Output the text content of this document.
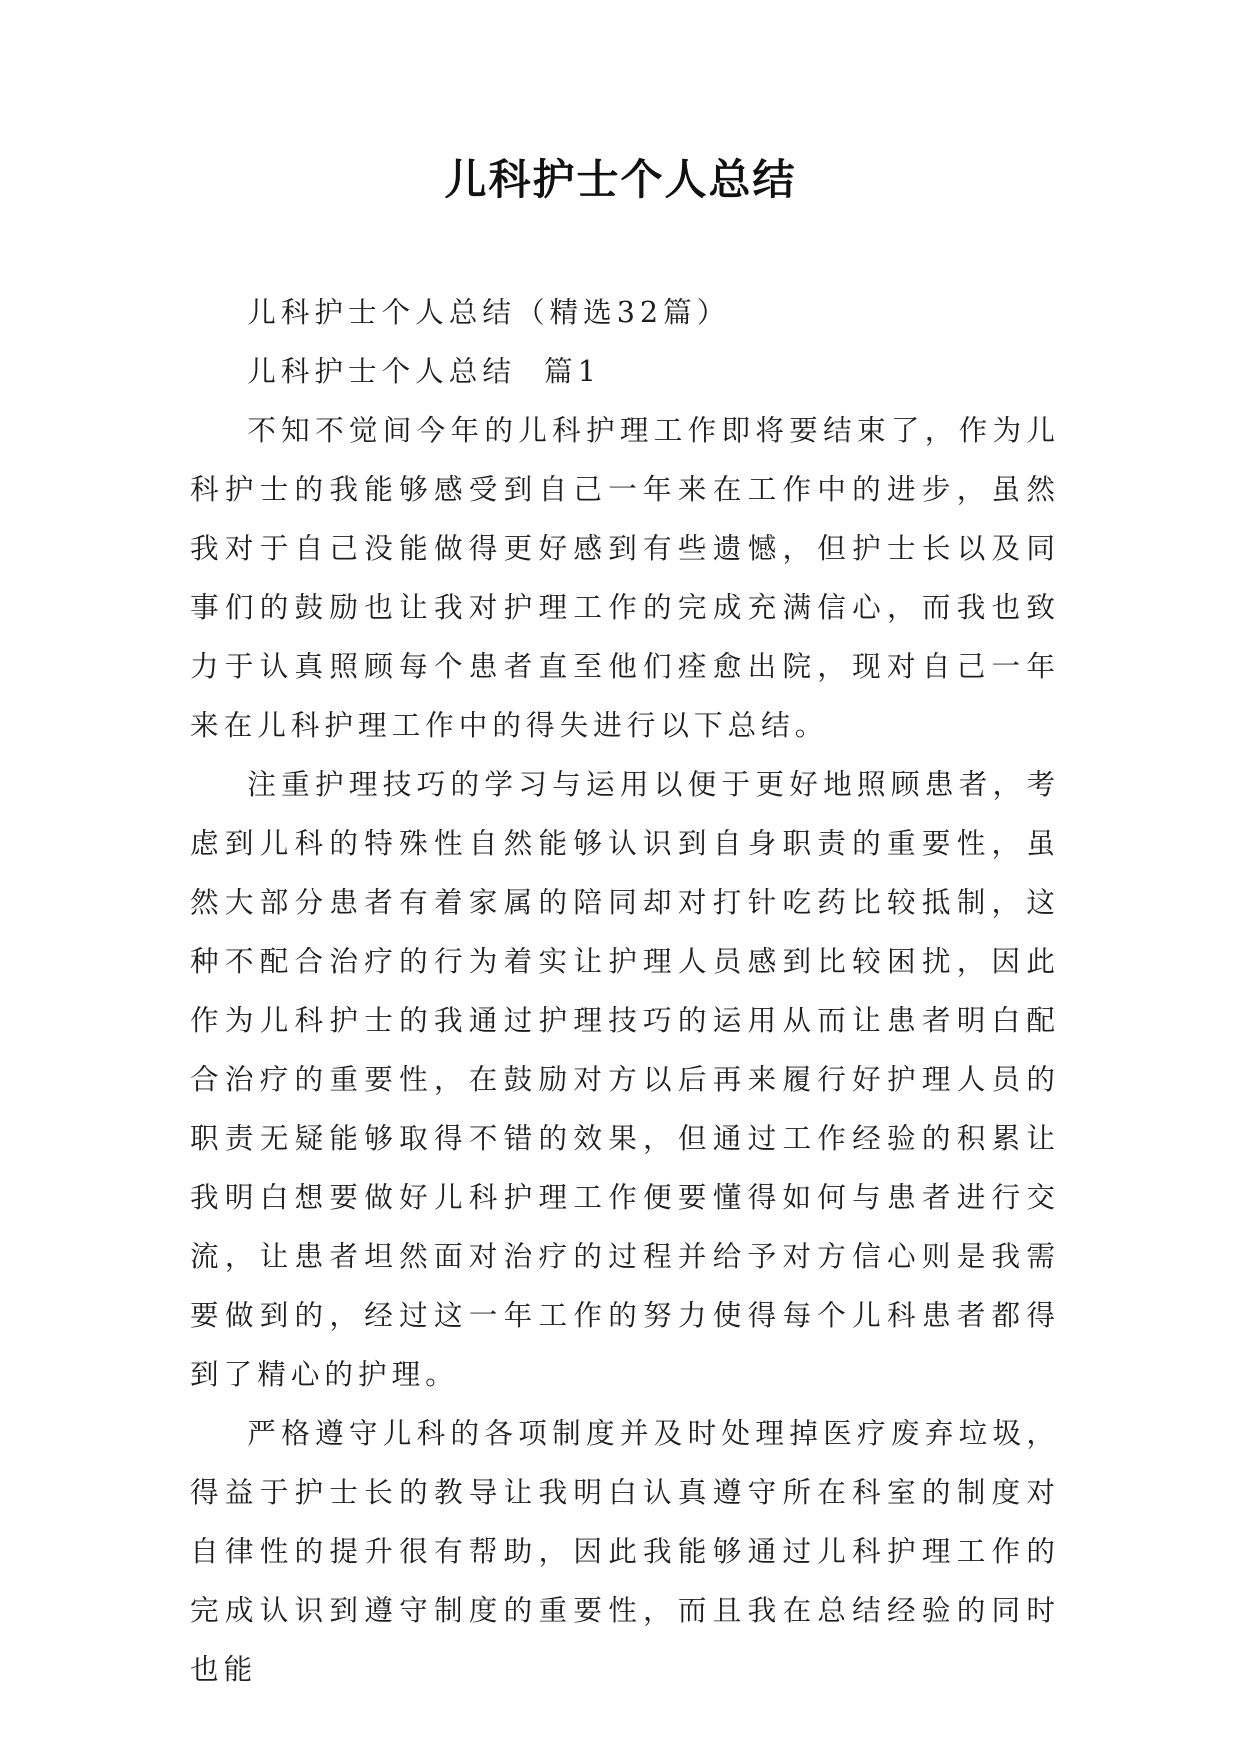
儿科护士个人总结

儿科护士个人总结（精选32篇）

儿科护士个人总结  篇1

不知不觉间今年的儿科护理工作即将要结束了，作为儿科护士的我能够感受到自己一年来在工作中的进步，虽然我对于自己没能做得更好感到有些遗憾，但护士长以及同事们的鼓励也让我对护理工作的完成充满信心，而我也致力于认真照顾每个患者直至他们痊愈出院，现对自己一年来在儿科护理工作中的得失进行以下总结。

注重护理技巧的学习与运用以便于更好地照顾患者，考虑到儿科的特殊性自然能够认识到自身职责的重要性，虽然大部分患者有着家属的陪同却对打针吃药比较抵制，这种不配合治疗的行为着实让护理人员感到比较困扰，因此作为儿科护士的我通过护理技巧的运用从而让患者明白配合治疗的重要性，在鼓励对方以后再来履行好护理人员的职责无疑能够取得不错的效果，但通过工作经验的积累让我明白想要做好儿科护理工作便要懂得如何与患者进行交流，让患者坦然面对治疗的过程并给予对方信心则是我需要做到的，经过这一年工作的努力使得每个儿科患者都得到了精心的护理。

严格遵守儿科的各项制度并及时处理掉医疗废弃垃圾，得益于护士长的教导让我明白认真遵守所在科室的制度对自律性的提升很有帮助，因此我能够通过儿科护理工作的完成认识到遵守制度的重要性，而且我在总结经验的同时也能
